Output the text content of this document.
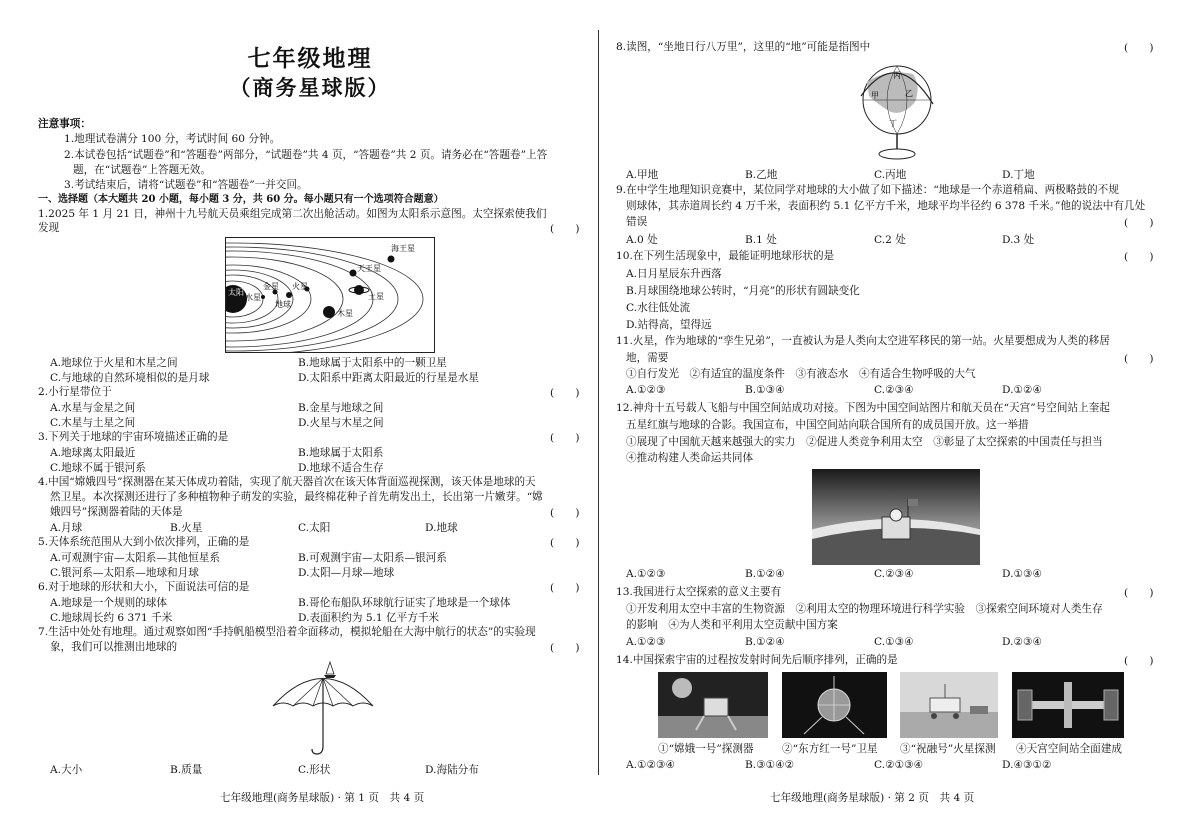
七年级地理
（商务星球版）
注意事项：
1.地理试卷满分 100 分，考试时间 60 分钟。
2.本试卷包括“试题卷”和“答题卷”两部分，“试题卷”共 4 页，“答题卷”共 2 页。请务必在“答题卷”上答
题，在“试题卷”上答题无效。
3.考试结束后，请将“试题卷”和“答题卷”一并交回。
一、选择题（本大题共 20 小题，每小题 3 分，共 60 分。每小题只有一个选项符合题意）
1.2025 年 1 月 21 日，神州十九号航天员乘组完成第二次出舱活动。如图为太阳系示意图。太空探索使我们
发现	(　　)
太阳
水星
金星
地球
火星
木星
土星
天王星
海王星
A.地球位于火星和木星之间	B.地球属于太阳系中的一颗卫星
C.与地球的自然环境相似的是月球	D.太阳系中距离太阳最近的行星是水星
2.小行星带位于	(　　)
A.水星与金星之间	B.金星与地球之间
C.木星与土星之间	D.火星与木星之间
3.下列关于地球的宇宙环境描述正确的是	(　　)
A.地球离太阳最近	B.地球属于太阳系
C.地球不属于银河系	D.地球不适合生存
4.中国“嫦娥四号”探测器在某天体成功着陆，实现了航天器首次在该天体背面巡视探测，该天体是地球的天
然卫星。本次探测还进行了多种植物种子萌发的实验，最终棉花种子首先萌发出土，长出第一片嫩芽。“嫦
娥四号”探测器着陆的天体是	(　　)
A.月球	B.火星	C.太阳	D.地球
5.天体系统范围从大到小依次排列，正确的是	(　　)
A.可观测宇宙—太阳系—其他恒星系	B.可观测宇宙—太阳系—银河系
C.银河系—太阳系—地球和月球	D.太阳—月球—地球
6.对于地球的形状和大小，下面说法可信的是	(　　)
A.地球是一个规则的球体	B.哥伦布船队环球航行证实了地球是一个球体
C.地球周长约 6 371 千米	D.表面积约为 5.1 亿平方千米
7.生活中处处有地理。通过观察如图“手持帆船模型沿着伞面移动，模拟轮船在大海中航行的状态”的实验现
象，我们可以推测出地球的	(　　)
A.大小	B.质量	C.形状	D.海陆分布
七年级地理(商务星球版) · 第 1 页　共 4 页
8.读图，“坐地日行八万里”，这里的“地”可能是指图中	(　　)
丙
甲	乙
丁
A.甲地	B.乙地	C.丙地	D.丁地
9.在中学生地理知识竞赛中，某位同学对地球的大小做了如下描述：“地球是一个赤道稍扁、两极略鼓的不规
则球体，其赤道周长约 4 万千米，表面积约 5.1 亿平方千米，地球平均半径约 6 378 千米。”他的说法中有几处
错误	(　　)
A.0 处	B.1 处	C.2 处	D.3 处
10.在下列生活现象中，最能证明地球形状的是	(　　)
A.日月星辰东升西落
B.月球围绕地球公转时，“月亮”的形状有圆缺变化
C.水往低处流
D.站得高，望得远
11.火星，作为地球的“孪生兄弟”，一直被认为是人类向太空进军移民的第一站。火星要想成为人类的移居
地，需要	(　　)
①自行发光　②有适宜的温度条件　③有液态水　④有适合生物呼吸的大气
A.①②③	B.①③④	C.②③④	D.①②④
12.神舟十五号载人飞船与中国空间站成功对接。下图为中国空间站图片和航天员在“天宫”号空间站上奎起
五星红旗与地球的合影。我国宣布，中国空间站向联合国所有的成员国开放。这一举措
①展现了中国航天越来越强大的实力　②促进人类竞争利用太空　③彰显了太空探索的中国责任与担当
④推动构建人类命运共同体
A.①②③	B.①②④	C.②③④	D.①③④
13.我国进行太空探索的意义主要有	(　　)
①开发利用太空中丰富的生物资源　②利用太空的物理环境进行科学实验　③探索空间环境对人类生存
的影响　④为人类和平利用太空贡献中国方案
A.①②③	B.①②④	C.①③④	D.②③④
14.中国探索宇宙的过程按发射时间先后顺序排列，正确的是	(　　)
①“嫦娥一号”探测器	②“东方红一号”卫星 ③“祝融号”火星探测 ④天宫空间站全面建成
A.①②③④	B.③①④②	C.②①③④	D.④③①②
七年级地理(商务星球版) · 第 2 页　共 4 页
